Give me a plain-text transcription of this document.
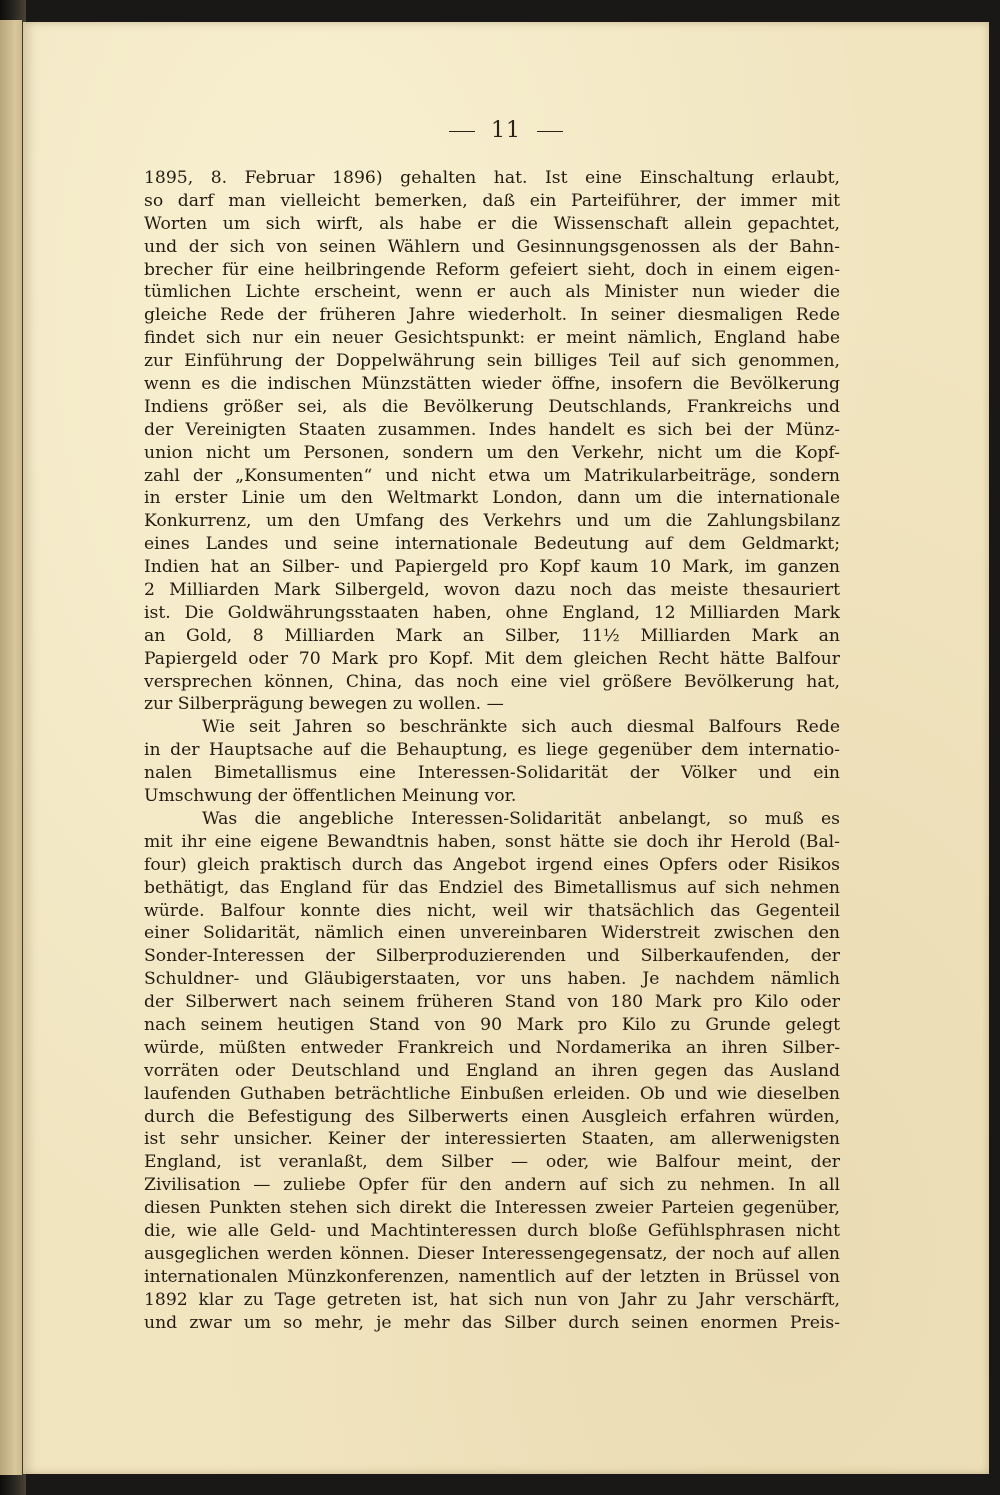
11
1895, 8. Februar 1896) gehalten hat. Ist eine Einschaltung erlaubt,
so darf man vielleicht bemerken, daß ein Parteiführer, der immer mit
Worten um sich wirft, als habe er die Wissenschaft allein gepachtet,
und der sich von seinen Wählern und Gesinnungsgenossen als der Bahn-
brecher für eine heilbringende Reform gefeiert sieht, doch in einem eigen-
tümlichen Lichte erscheint, wenn er auch als Minister nun wieder die
gleiche Rede der früheren Jahre wiederholt. In seiner diesmaligen Rede
findet sich nur ein neuer Gesichtspunkt: er meint nämlich, England habe
zur Einführung der Doppelwährung sein billiges Teil auf sich genommen,
wenn es die indischen Münzstätten wieder öffne, insofern die Bevölkerung
Indiens größer sei, als die Bevölkerung Deutschlands, Frankreichs und
der Vereinigten Staaten zusammen. Indes handelt es sich bei der Münz-
union nicht um Personen, sondern um den Verkehr, nicht um die Kopf-
zahl der „Konsumenten“ und nicht etwa um Matrikularbeiträge, sondern
in erster Linie um den Weltmarkt London, dann um die internationale
Konkurrenz, um den Umfang des Verkehrs und um die Zahlungsbilanz
eines Landes und seine internationale Bedeutung auf dem Geldmarkt;
Indien hat an Silber- und Papiergeld pro Kopf kaum 10 Mark, im ganzen
2 Milliarden Mark Silbergeld, wovon dazu noch das meiste thesauriert
ist. Die Goldwährungsstaaten haben, ohne England, 12 Milliarden Mark
an Gold, 8 Milliarden Mark an Silber, 11½ Milliarden Mark an
Papiergeld oder 70 Mark pro Kopf. Mit dem gleichen Recht hätte Balfour
versprechen können, China, das noch eine viel größere Bevölkerung hat,
zur Silberprägung bewegen zu wollen. —
Wie seit Jahren so beschränkte sich auch diesmal Balfours Rede
in der Hauptsache auf die Behauptung, es liege gegenüber dem internatio-
nalen Bimetallismus eine Interessen-Solidarität der Völker und ein
Umschwung der öffentlichen Meinung vor.
Was die angebliche Interessen-Solidarität anbelangt, so muß es
mit ihr eine eigene Bewandtnis haben, sonst hätte sie doch ihr Herold (Bal-
four) gleich praktisch durch das Angebot irgend eines Opfers oder Risikos
bethätigt, das England für das Endziel des Bimetallismus auf sich nehmen
würde. Balfour konnte dies nicht, weil wir thatsächlich das Gegenteil
einer Solidarität, nämlich einen unvereinbaren Widerstreit zwischen den
Sonder-Interessen der Silberproduzierenden und Silberkaufenden, der
Schuldner- und Gläubigerstaaten, vor uns haben. Je nachdem nämlich
der Silberwert nach seinem früheren Stand von 180 Mark pro Kilo oder
nach seinem heutigen Stand von 90 Mark pro Kilo zu Grunde gelegt
würde, müßten entweder Frankreich und Nordamerika an ihren Silber-
vorräten oder Deutschland und England an ihren gegen das Ausland
laufenden Guthaben beträchtliche Einbußen erleiden. Ob und wie dieselben
durch die Befestigung des Silberwerts einen Ausgleich erfahren würden,
ist sehr unsicher. Keiner der interessierten Staaten, am allerwenigsten
England, ist veranlaßt, dem Silber — oder, wie Balfour meint, der
Zivilisation — zuliebe Opfer für den andern auf sich zu nehmen. In all
diesen Punkten stehen sich direkt die Interessen zweier Parteien gegenüber,
die, wie alle Geld- und Machtinteressen durch bloße Gefühlsphrasen nicht
ausgeglichen werden können. Dieser Interessengegensatz, der noch auf allen
internationalen Münzkonferenzen, namentlich auf der letzten in Brüssel von
1892 klar zu Tage getreten ist, hat sich nun von Jahr zu Jahr verschärft,
und zwar um so mehr, je mehr das Silber durch seinen enormen Preis-
